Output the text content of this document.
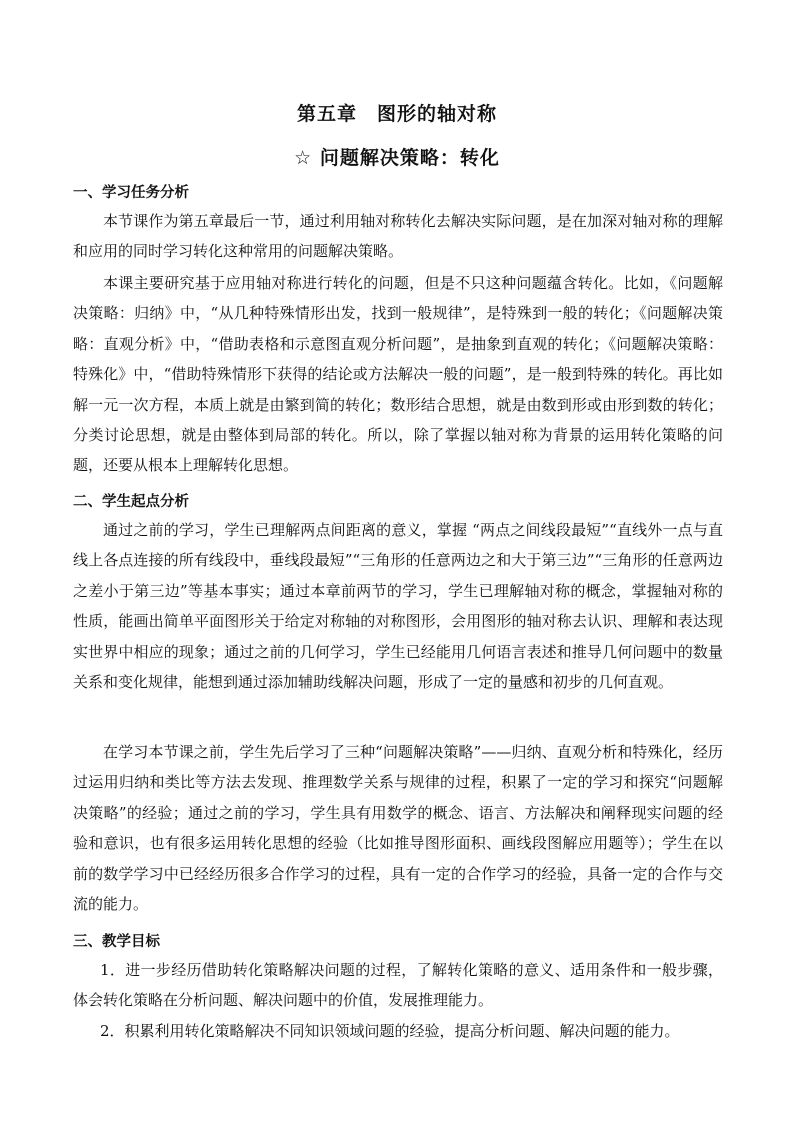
第五章　图形的轴对称
☆ 问题解决策略：转化
一、学习任务分析

本节课作为第五章最后一节，通过利用轴对称转化去解决实际问题，是在加深对轴对称的理解和应用的同时学习转化这种常用的问题解决策略。

本课主要研究基于应用轴对称进行转化的问题，但是不只这种问题蕴含转化。比如，《问题解决策略：归纳》中，“从几种特殊情形出发，找到一般规律”，是特殊到一般的转化；《问题解决策略：直观分析》中，“借助表格和示意图直观分析问题”，是抽象到直观的转化；《问题解决策略：特殊化》中，“借助特殊情形下获得的结论或方法解决一般的问题”，是一般到特殊的转化。再比如解一元一次方程，本质上就是由繁到简的转化；数形结合思想，就是由数到形或由形到数的转化；分类讨论思想，就是由整体到局部的转化。所以，除了掌握以轴对称为背景的运用转化策略的问题，还要从根本上理解转化思想。

二、学生起点分析

通过之前的学习，学生已理解两点间距离的意义，掌握 “两点之间线段最短”“直线外一点与直线上各点连接的所有线段中，垂线段最短”“三角形的任意两边之和大于第三边”“三角形的任意两边之差小于第三边”等基本事实；通过本章前两节的学习，学生已理解轴对称的概念，掌握轴对称的性质，能画出简单平面图形关于给定对称轴的对称图形，会用图形的轴对称去认识、理解和表达现实世界中相应的现象；通过之前的几何学习，学生已经能用几何语言表述和推导几何问题中的数量关系和变化规律，能想到通过添加辅助线解决问题，形成了一定的量感和初步的几何直观。

在学习本节课之前，学生先后学习了三种“问题解决策略”——归纳、直观分析和特殊化，经历过运用归纳和类比等方法去发现、推理数学关系与规律的过程，积累了一定的学习和探究“问题解决策略”的经验；通过之前的学习，学生具有用数学的概念、语言、方法解决和阐释现实问题的经验和意识，也有很多运用转化思想的经验（比如推导图形面积、画线段图解应用题等）；学生在以前的数学学习中已经经历很多合作学习的过程，具有一定的合作学习的经验，具备一定的合作与交流的能力。

三、教学目标

1．进一步经历借助转化策略解决问题的过程，了解转化策略的意义、适用条件和一般步骤，体会转化策略在分析问题、解决问题中的价值，发展推理能力。

2．积累利用转化策略解决不同知识领域问题的经验，提高分析问题、解决问题的能力。
